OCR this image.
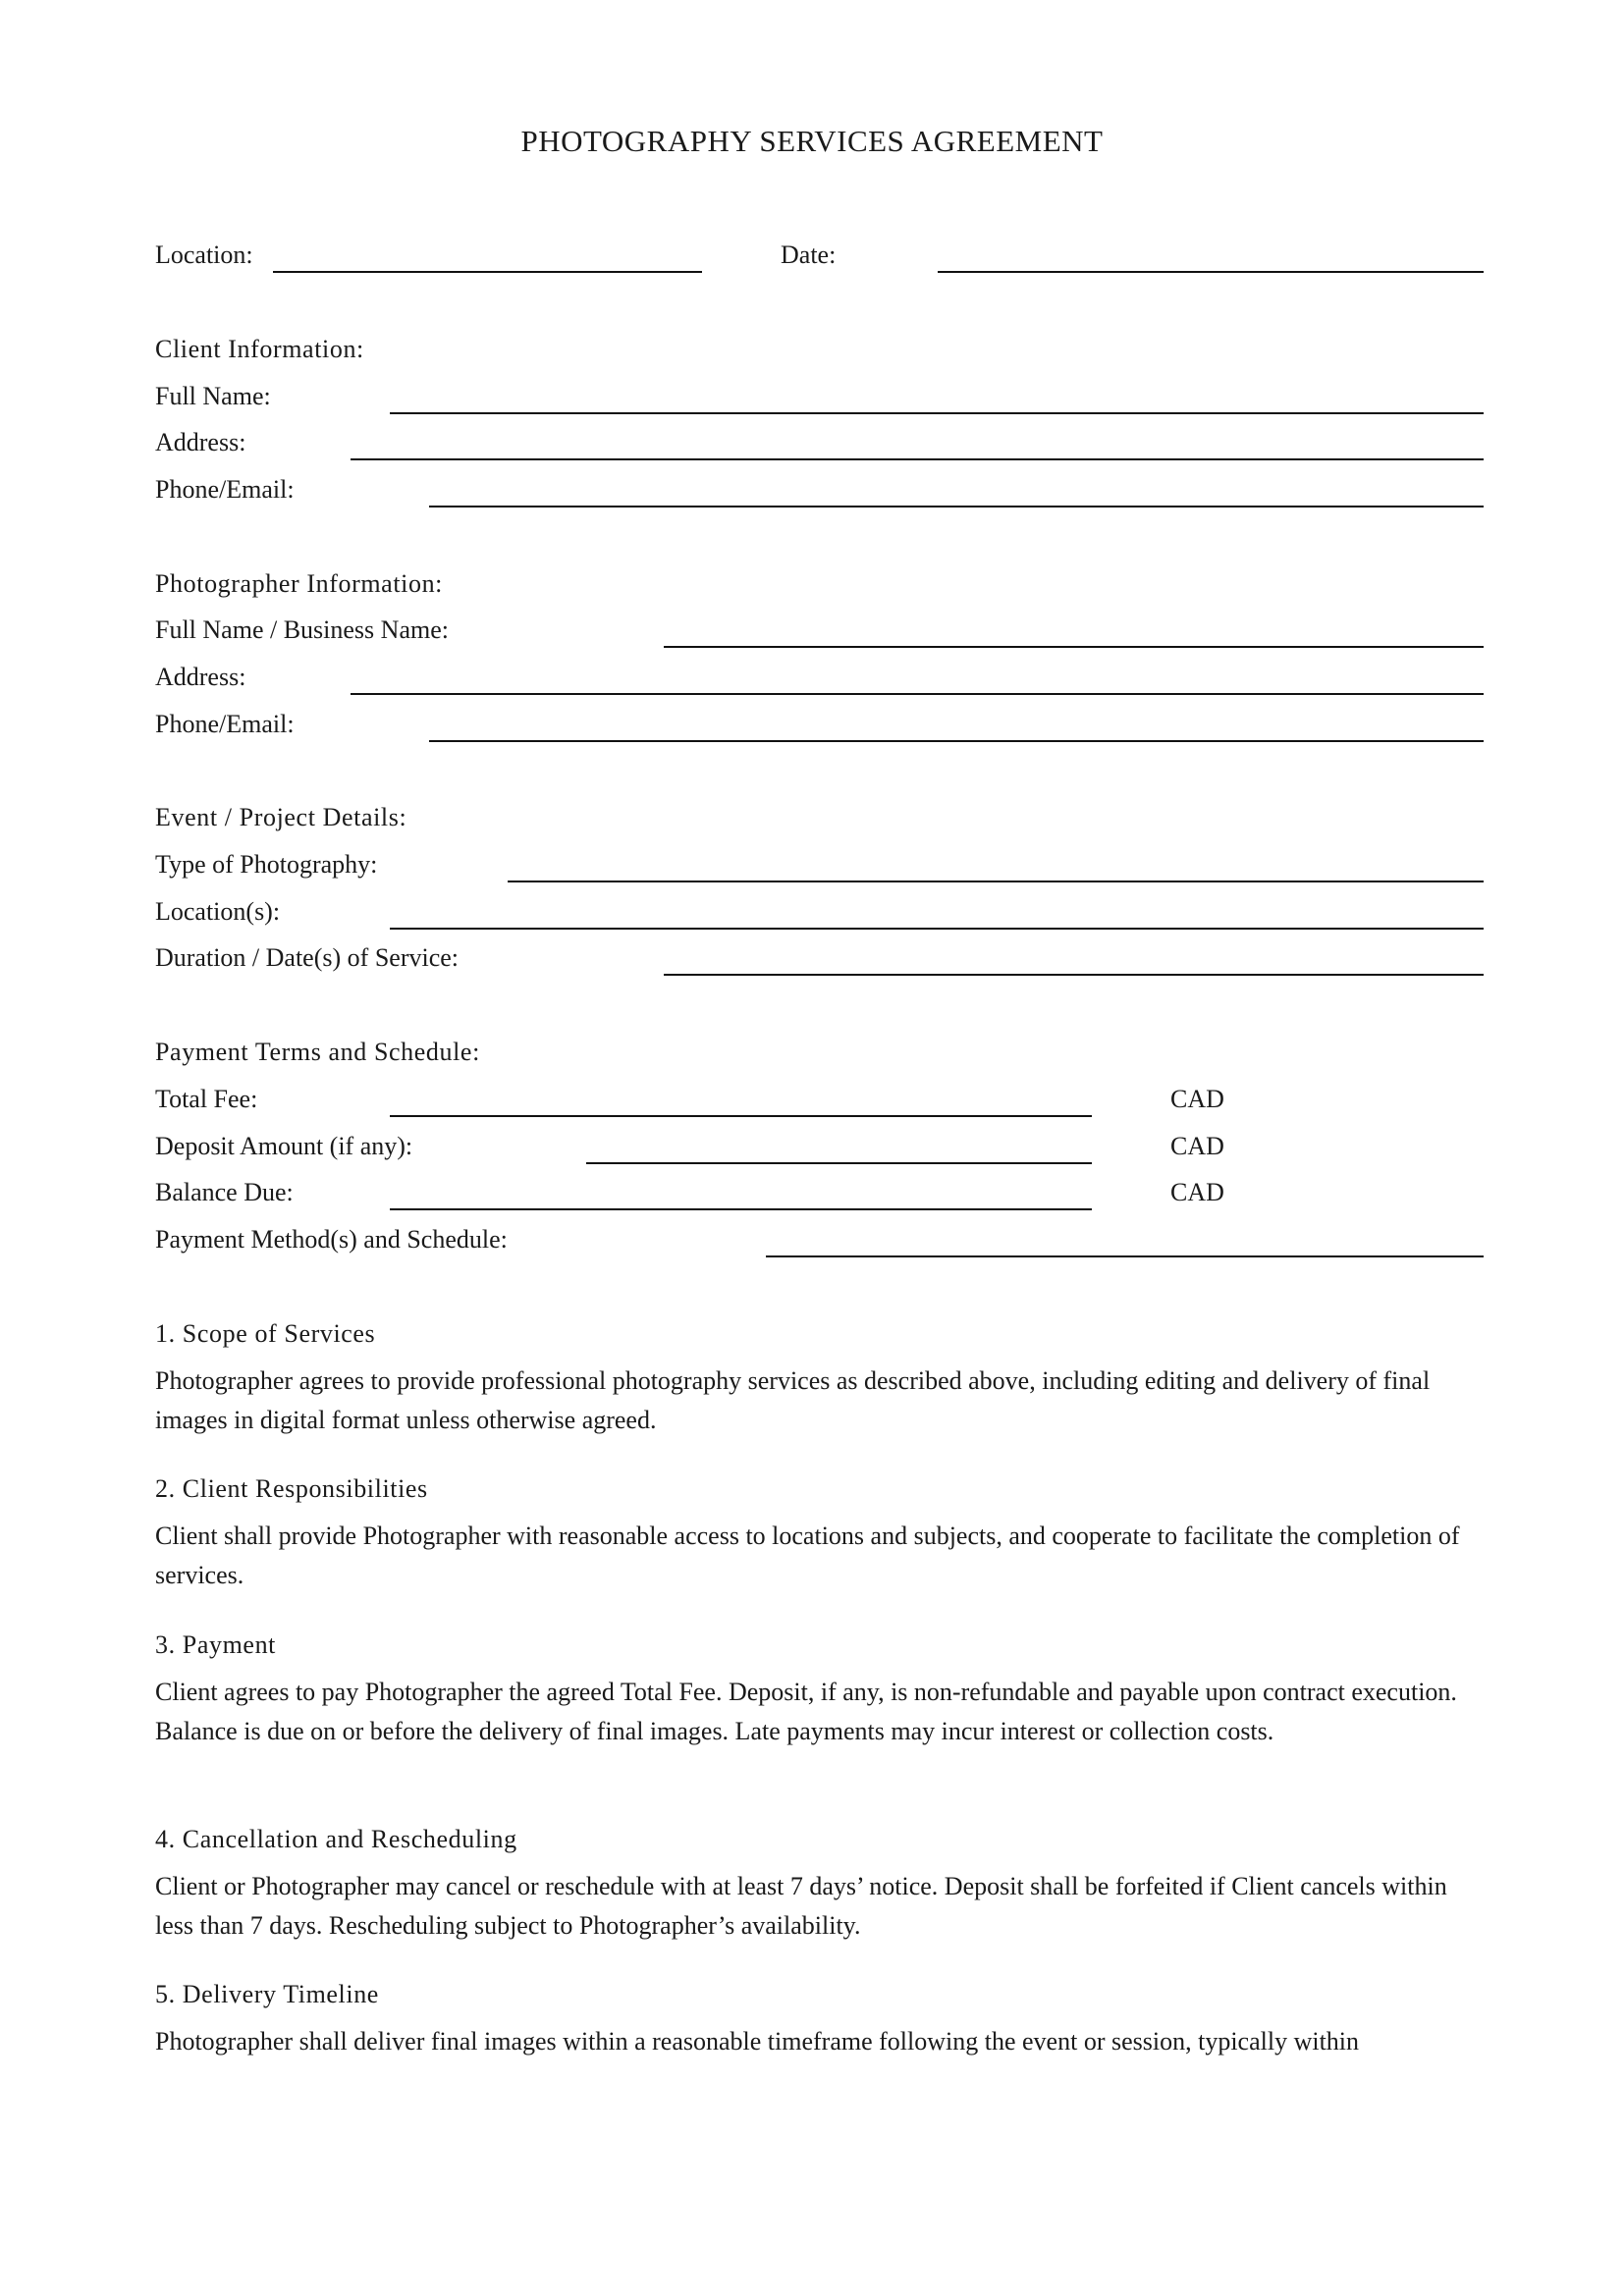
PHOTOGRAPHY SERVICES AGREEMENT
Location:	Date:
Client Information:
Full Name:
Address:
Phone/Email:
Photographer Information:
Full Name / Business Name:
Address:
Phone/Email:
Event / Project Details:
Type of Photography:
Location(s):
Duration / Date(s) of Service:
Payment Terms and Schedule:
Total Fee:	CAD
Deposit Amount (if any):	CAD
Balance Due:	CAD
Payment Method(s) and Schedule:
1. Scope of Services
Photographer agrees to provide professional photography services as described above, including editing and delivery of final images in digital format unless otherwise agreed.
2. Client Responsibilities
Client shall provide Photographer with reasonable access to locations and subjects, and cooperate to facilitate the completion of services.
3. Payment
Client agrees to pay Photographer the agreed Total Fee. Deposit, if any, is non-refundable and payable upon contract execution. Balance is due on or before the delivery of final images. Late payments may incur interest or collection costs.
4. Cancellation and Rescheduling
Client or Photographer may cancel or reschedule with at least 7 days’ notice. Deposit shall be forfeited if Client cancels within less than 7 days. Rescheduling subject to Photographer’s availability.
5. Delivery Timeline
Photographer shall deliver final images within a reasonable timeframe following the event or session, typically within
